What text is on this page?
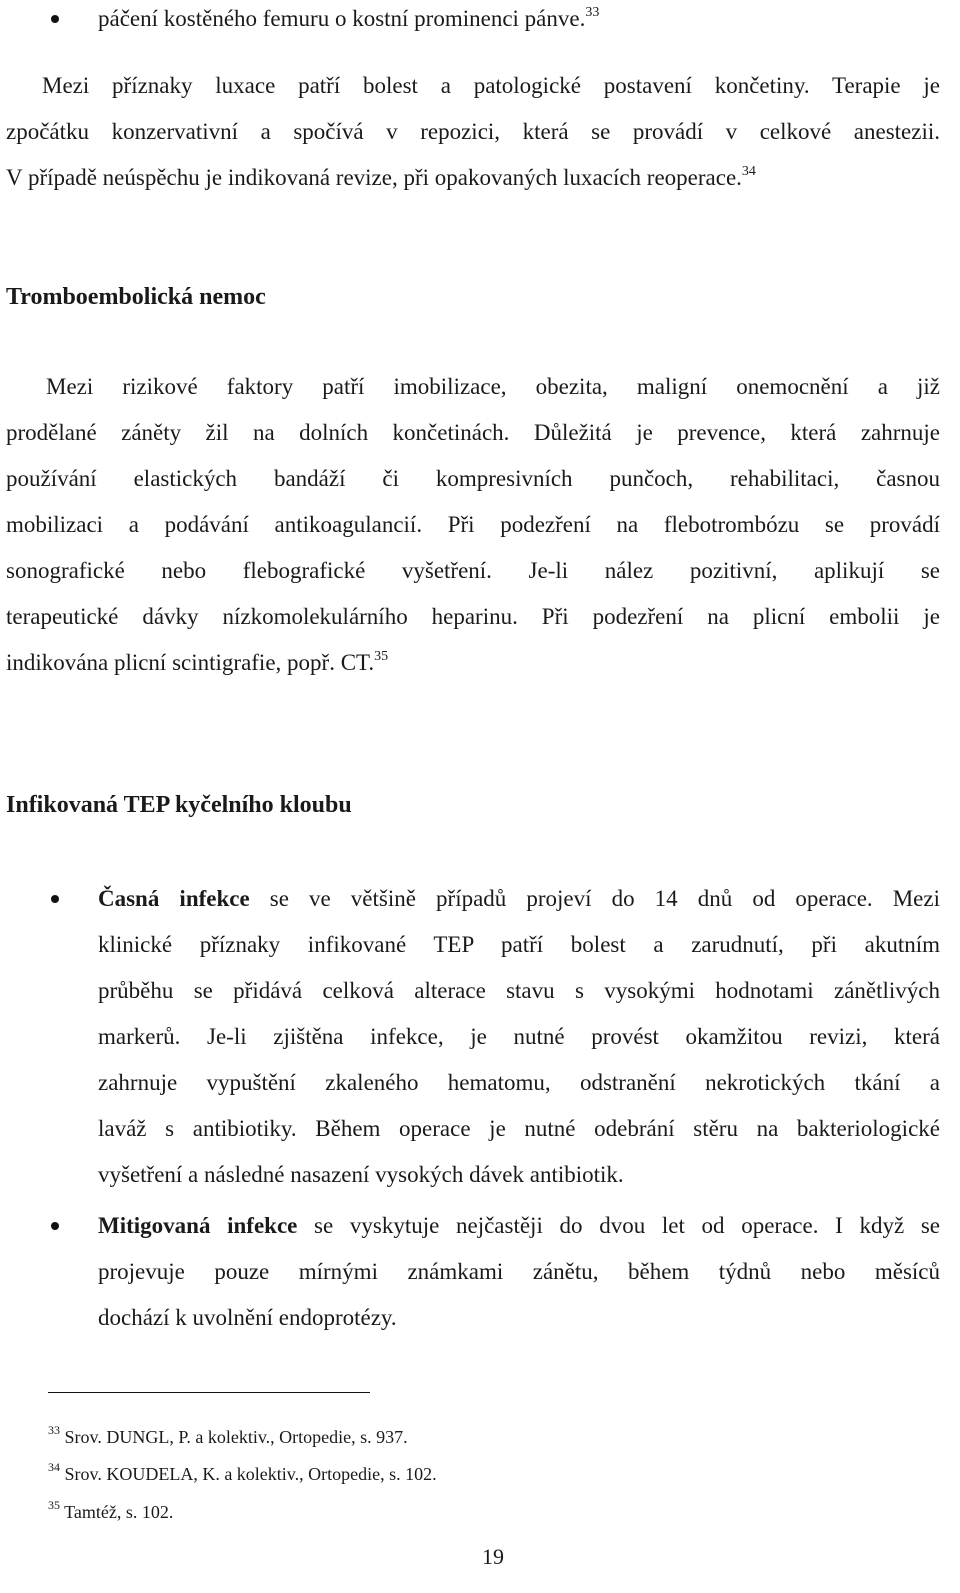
páčení kostěného femuru o kostní prominenci pánve.$^{33}$

Mezi příznaky luxace patří bolest a patologické postavení končetiny. Terapie je
zpočátku konzervativní a spočívá v repozici, která se provádí v celkové anestezii.
V případě neúspěchu je indikovaná revize, při opakovaných luxacích reoperace.$^{34}$
Tromboembolická nemoc
Mezi rizikové faktory patří imobilizace, obezita, maligní onemocnění a již
prodělané záněty žil na dolních končetinách. Důležitá je prevence, která zahrnuje
používání elastických bandáží či kompresivních punčoch, rehabilitaci, časnou
mobilizaci a podávání antikoagulancií. Při podezření na flebotrombózu se provádí
sonografické nebo flebografické vyšetření. Je-li nález pozitivní, aplikují se
terapeutické dávky nízkomolekulárního heparinu. Při podezření na plicní embolii je
indikována plicní scintigrafie, popř. CT.$^{35}$
Infikovaná TEP kyčelního kloubu
Časná infekce se ve většině případů projeví do 14 dnů od operace. Mezi
klinické příznaky infikované TEP patří bolest a zarudnutí, při akutním
průběhu se přidává celková alterace stavu s vysokými hodnotami zánětlivých
markerů. Je-li zjištěna infekce, je nutné provést okamžitou revizi, která
zahrnuje vypuštění zkaleného hematomu, odstranění nekrotických tkání a
laváž s antibiotiky. Během operace je nutné odebrání stěru na bakteriologické
vyšetření a následné nasazení vysokých dávek antibiotik.
Mitigovaná infekce se vyskytuje nejčastěji do dvou let od operace. I když se
projevuje pouze mírnými známkami zánětu, během týdnů nebo měsíců
dochází k uvolnění endoprotézy.

$^{33}$ Srov. DUNGL, P. a kolektiv., Ortopedie, s. 937.

$^{34}$ Srov. KOUDELA, K. a kolektiv., Ortopedie, s. 102.

$^{35}$ Tamtéž, s. 102.

19
